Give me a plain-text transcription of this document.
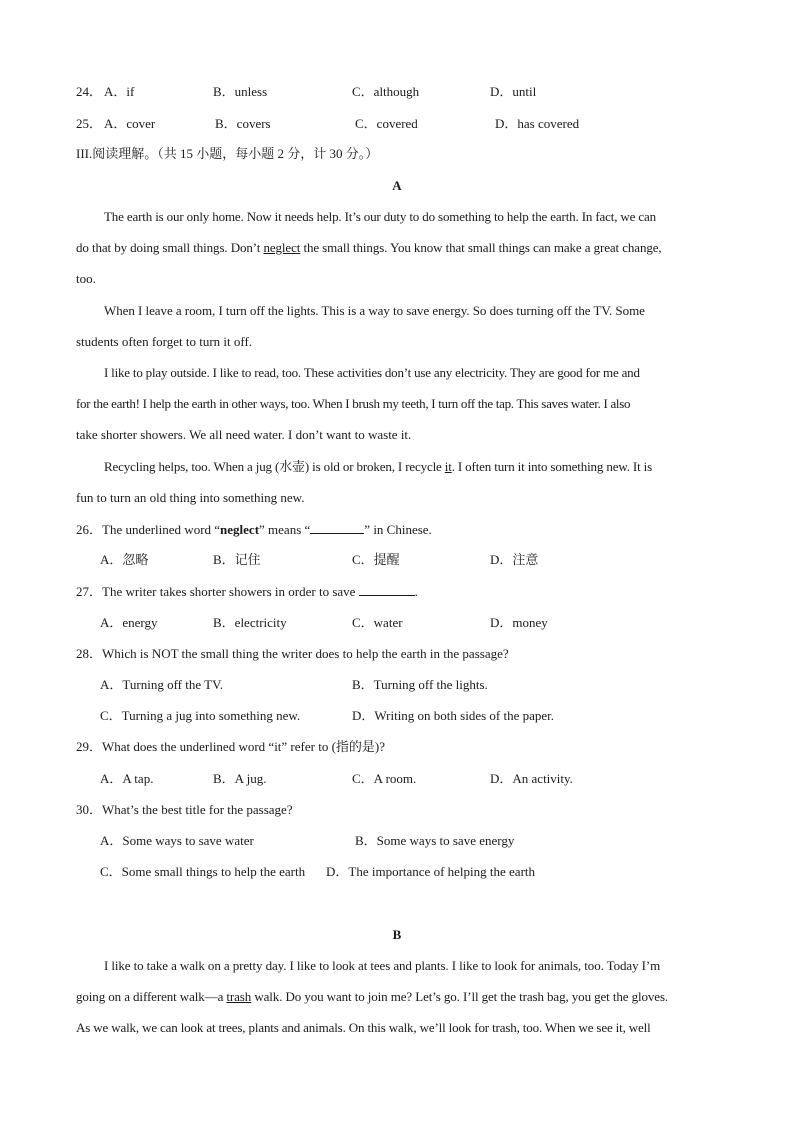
24． A．if	B．unless	C．although	D．until
25． A．cover	B．covers	C．covered	D．has covered
III.阅读理解。（共 15 小题，每小题 2 分，计 30 分。）
A
The earth is our only home. Now it needs help. It’s our duty to do something to help the earth. In fact, we can
do that by doing small things. Don’t neglect the small things. You know that small things can make a great change,
too.
When I leave a room, I turn off the lights. This is a way to save energy. So does turning off the TV. Some
students often forget to turn it off.
I like to play outside. I like to read, too. These activities don’t use any electricity. They are good for me and
for the earth! I help the earth in other ways, too. When I brush my teeth, I turn off the tap. This saves water. I also
take shorter showers. We all need water. I don’t want to waste it.
Recycling helps, too. When a jug (水壶) is old or broken, I recycle it. I often turn it into something new. It is
fun to turn an old thing into something new.
26．The underlined word “neglect” means “	” in Chinese.
A．忽略	B．记住	C．提醒	D．注意
27．The writer takes shorter showers in order to save	.
A．energy	B．electricity	C．water	D．money
28．Which is NOT the small thing the writer does to help the earth in the passage?
A．Turning off the TV.	B．Turning off the lights.
C．Turning a jug into something new.	D．Writing on both sides of the paper.
29．What does the underlined word “it” refer to (指的是)?
A．A tap.	B．A jug.	C．A room.	D．An activity.
30．What’s the best title for the passage?
A．Some ways to save water	B．Some ways to save energy
C．Some small things to help the earth D．The importance of helping the earth
B
I like to take a walk on a pretty day. I like to look at tees and plants. I like to look for animals, too. Today I’m
going on a different walk—a trash walk. Do you want to join me? Let’s go. I’ll get the trash bag, you get the gloves.
As we walk, we can look at trees, plants and animals. On this walk, we’ll look for trash, too. When we see it, well
